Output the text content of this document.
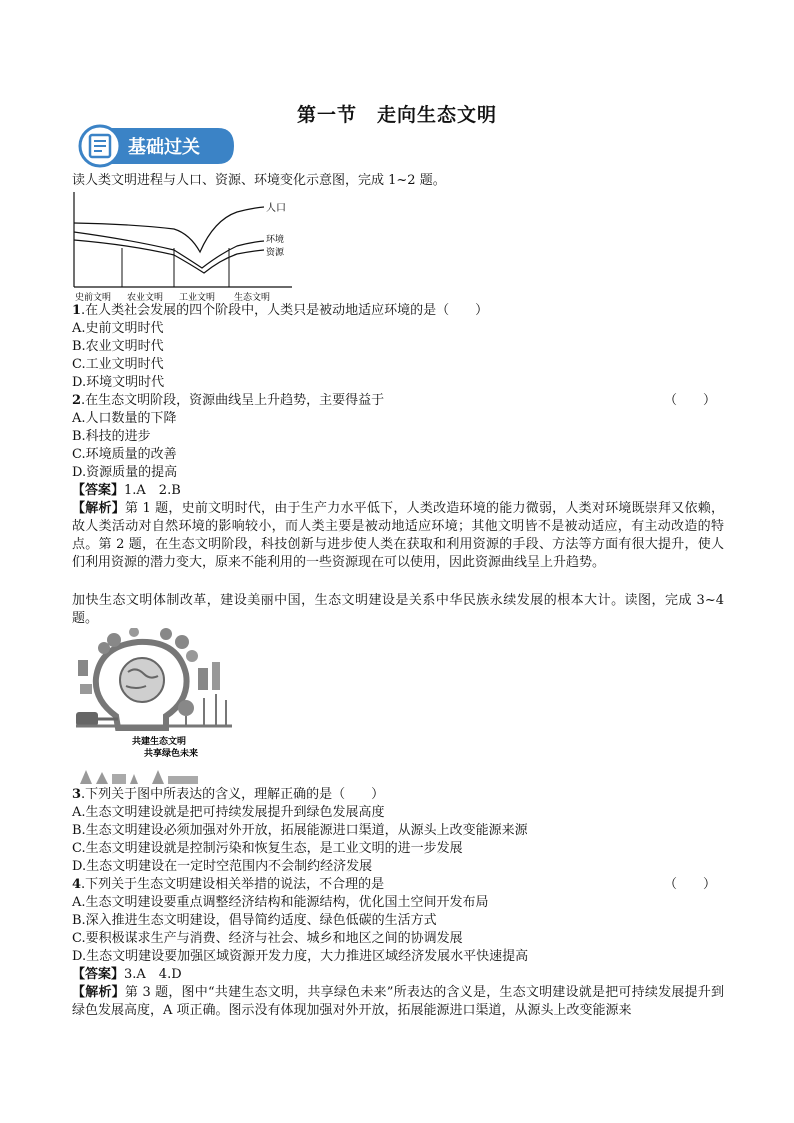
第一节　走向生态文明
基础过关
读人类文明进程与人口、资源、环境变化示意图，完成 1~2 题。
人口
环境
资源
史前文明 农业文明 工业文明 生态文明
1.在人类社会发展的四个阶段中，人类只是被动地适应环境的是（　　）
A.史前文明时代
B.农业文明时代
C.工业文明时代
D.环境文明时代
2.在生态文明阶段，资源曲线呈上升趋势，主要得益于	（　　）
A.人口数量的下降
B.科技的进步
C.环境质量的改善
D.资源质量的提高
【答案】1.A　2.B
【解析】第 1 题，史前文明时代，由于生产力水平低下，人类改造环境的能力微弱，人类对环境既崇拜又依赖，故人类活动对自然环境的影响较小，而人类主要是被动地适应环境；其他文明皆不是被动适应，有主动改造的特点。第 2 题，在生态文明阶段，科技创新与进步使人类在获取和利用资源的手段、方法等方面有很大提升，使人们利用资源的潜力变大，原来不能利用的一些资源现在可以使用，因此资源曲线呈上升趋势。
加快生态文明体制改革，建设美丽中国，生态文明建设是关系中华民族永续发展的根本大计。读图，完成 3~4 题。
共建生态文明
共享绿色未来
3.下列关于图中所表达的含义，理解正确的是（　　）
A.生态文明建设就是把可持续发展提升到绿色发展高度
B.生态文明建设必须加强对外开放，拓展能源进口渠道，从源头上改变能源来源
C.生态文明建设就是控制污染和恢复生态，是工业文明的进一步发展
D.生态文明建设在一定时空范围内不会制约经济发展
4.下列关于生态文明建设相关举措的说法，不合理的是	（　　）
A.生态文明建设要重点调整经济结构和能源结构，优化国土空间开发布局
B.深入推进生态文明建设，倡导简约适度、绿色低碳的生活方式
C.要积极谋求生产与消费、经济与社会、城乡和地区之间的协调发展
D.生态文明建设要加强区域资源开发力度，大力推进区域经济发展水平快速提高
【答案】3.A　4.D
【解析】第 3 题，图中“共建生态文明，共享绿色未来”所表达的含义是，生态文明建设就是把可持续发展提升到绿色发展高度，A 项正确。图示没有体现加强对外开放，拓展能源进口渠道，从源头上改变能源来
